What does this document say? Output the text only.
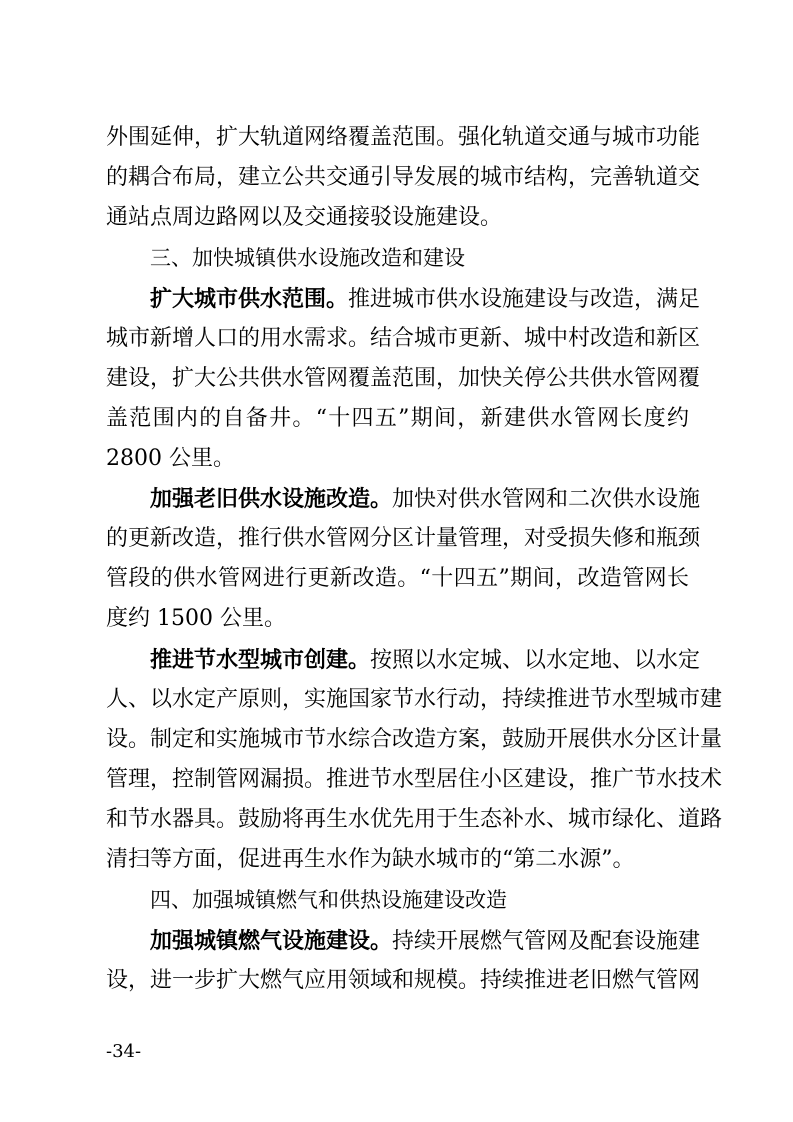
外围延伸，扩大轨道网络覆盖范围。强化轨道交通与城市功能
的耦合布局，建立公共交通引导发展的城市结构，完善轨道交
通站点周边路网以及交通接驳设施建设。
三、加快城镇供水设施改造和建设
扩大城市供水范围。推进城市供水设施建设与改造，满足
城市新增人口的用水需求。结合城市更新、城中村改造和新区
建设，扩大公共供水管网覆盖范围，加快关停公共供水管网覆
盖范围内的自备井。“十四五”期间，新建供水管网长度约
2800 公里。
加强老旧供水设施改造。加快对供水管网和二次供水设施
的更新改造，推行供水管网分区计量管理，对受损失修和瓶颈
管段的供水管网进行更新改造。“十四五”期间，改造管网长
度约 1500 公里。
推进节水型城市创建。按照以水定城、以水定地、以水定
人、以水定产原则，实施国家节水行动，持续推进节水型城市建
设。制定和实施城市节水综合改造方案，鼓励开展供水分区计量
管理，控制管网漏损。推进节水型居住小区建设，推广节水技术
和节水器具。鼓励将再生水优先用于生态补水、城市绿化、道路
清扫等方面，促进再生水作为缺水城市的“第二水源”。
四、加强城镇燃气和供热设施建设改造
加强城镇燃气设施建设。持续开展燃气管网及配套设施建
设，进一步扩大燃气应用领域和规模。持续推进老旧燃气管网
-34-
